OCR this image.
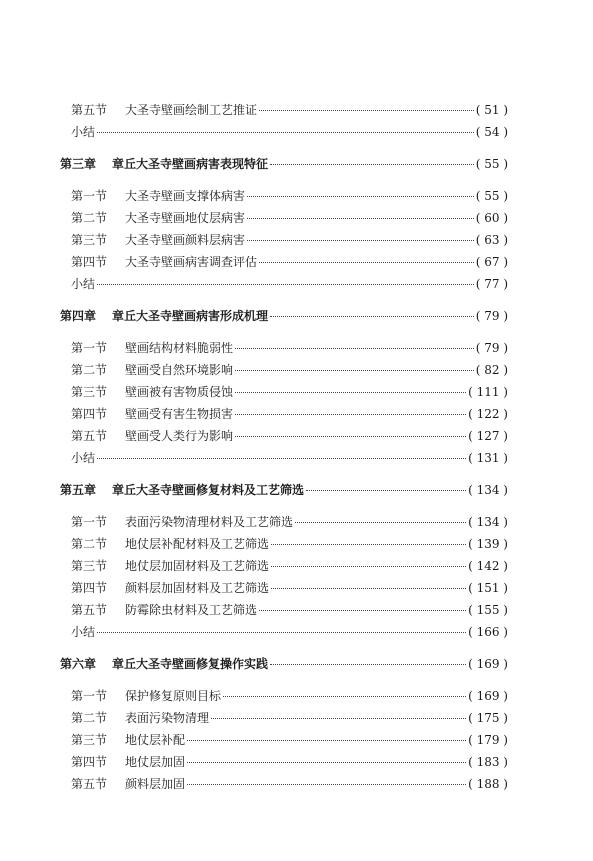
第五节	大圣寺壁画绘制工艺推证	( 51 )
小结	( 54 )
第三章	章丘大圣寺壁画病害表现特征	( 55 )
第一节	大圣寺壁画支撑体病害	( 55 )
第二节	大圣寺壁画地仗层病害	( 60 )
第三节	大圣寺壁画颜料层病害	( 63 )
第四节	大圣寺壁画病害调查评估	( 67 )
小结	( 77 )
第四章	章丘大圣寺壁画病害形成机理	( 79 )
第一节	壁画结构材料脆弱性	( 79 )
第二节	壁画受自然环境影响	( 82 )
第三节	壁画被有害物质侵蚀	( 111 )
第四节	壁画受有害生物损害	( 122 )
第五节	壁画受人类行为影响	( 127 )
小结	( 131 )
第五章	章丘大圣寺壁画修复材料及工艺筛选	( 134 )
第一节	表面污染物清理材料及工艺筛选	( 134 )
第二节	地仗层补配材料及工艺筛选	( 139 )
第三节	地仗层加固材料及工艺筛选	( 142 )
第四节	颜料层加固材料及工艺筛选	( 151 )
第五节	防霉除虫材料及工艺筛选	( 155 )
小结	( 166 )
第六章	章丘大圣寺壁画修复操作实践	( 169 )
第一节	保护修复原则目标	( 169 )
第二节	表面污染物清理	( 175 )
第三节	地仗层补配	( 179 )
第四节	地仗层加固	( 183 )
第五节	颜料层加固	( 188 )
